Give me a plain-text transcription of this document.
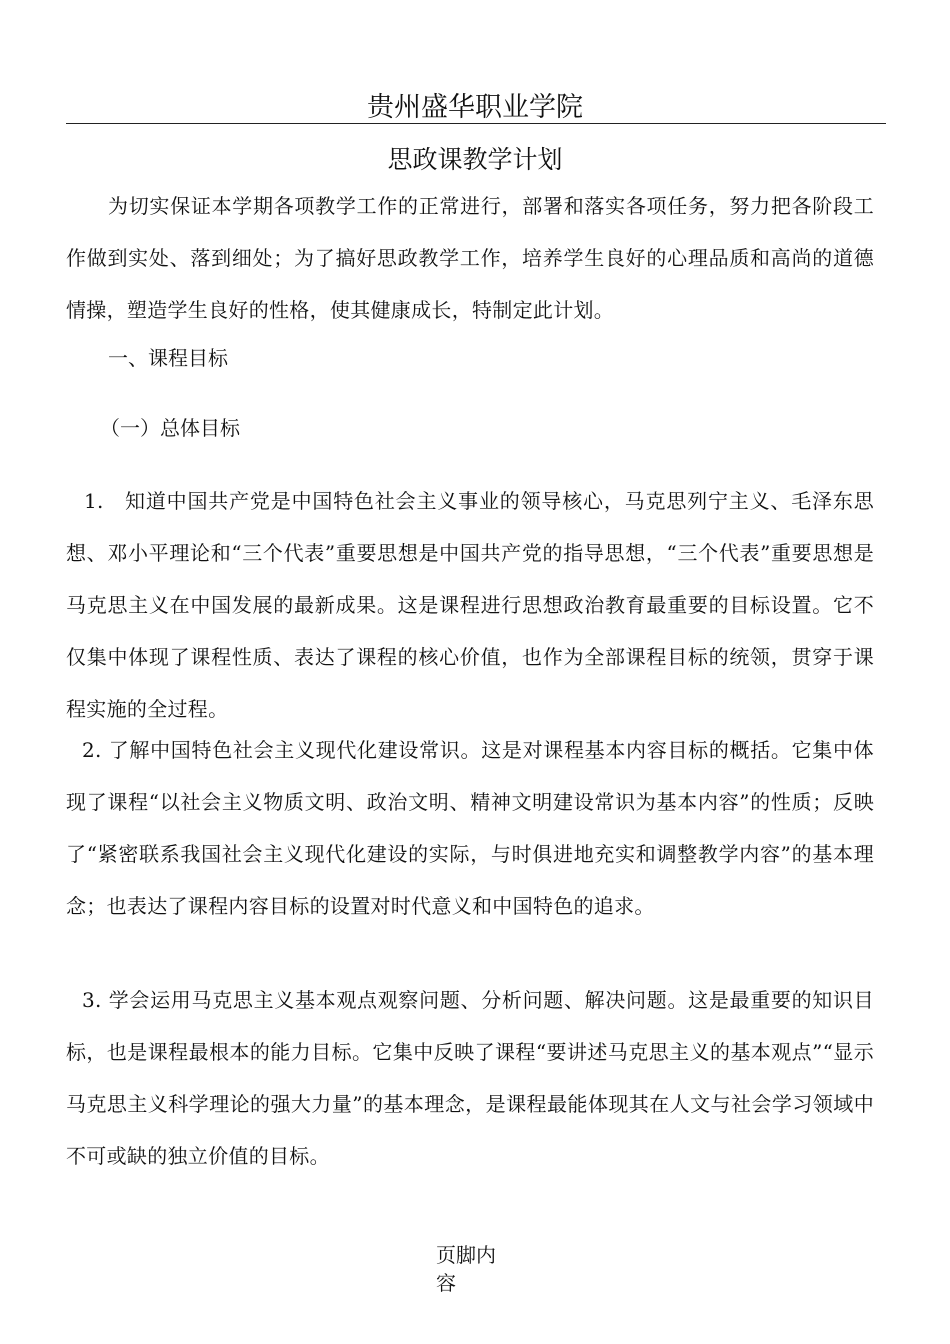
贵州盛华职业学院
思政课教学计划
为切实保证本学期各项教学工作的正常进行，部署和落实各项任务，努力把各阶段工作做到实处、落到细处；为了搞好思政教学工作，培养学生良好的心理品质和高尚的道德情操，塑造学生良好的性格，使其健康成长，特制定此计划。
一、课程目标
（一）总体目标
1.　知道中国共产党是中国特色社会主义事业的领导核心，马克思列宁主义、毛泽东思想、邓小平理论和“三个代表”重要思想是中国共产党的指导思想，“三个代表”重要思想是马克思主义在中国发展的最新成果。这是课程进行思想政治教育最重要的目标设置。它不仅集中体现了课程性质、表达了课程的核心价值，也作为全部课程目标的统领，贯穿于课程实施的全过程。
2. 了解中国特色社会主义现代化建设常识。这是对课程基本内容目标的概括。它集中体现了课程“以社会主义物质文明、政治文明、精神文明建设常识为基本内容”的性质；反映了“紧密联系我国社会主义现代化建设的实际，与时俱进地充实和调整教学内容”的基本理念；也表达了课程内容目标的设置对时代意义和中国特色的追求。
3. 学会运用马克思主义基本观点观察问题、分析问题、解决问题。这是最重要的知识目标，也是课程最根本的能力目标。它集中反映了课程“要讲述马克思主义的基本观点”“显示马克思主义科学理论的强大力量”的基本理念，是课程最能体现其在人文与社会学习领域中不可或缺的独立价值的目标。
页脚内容
